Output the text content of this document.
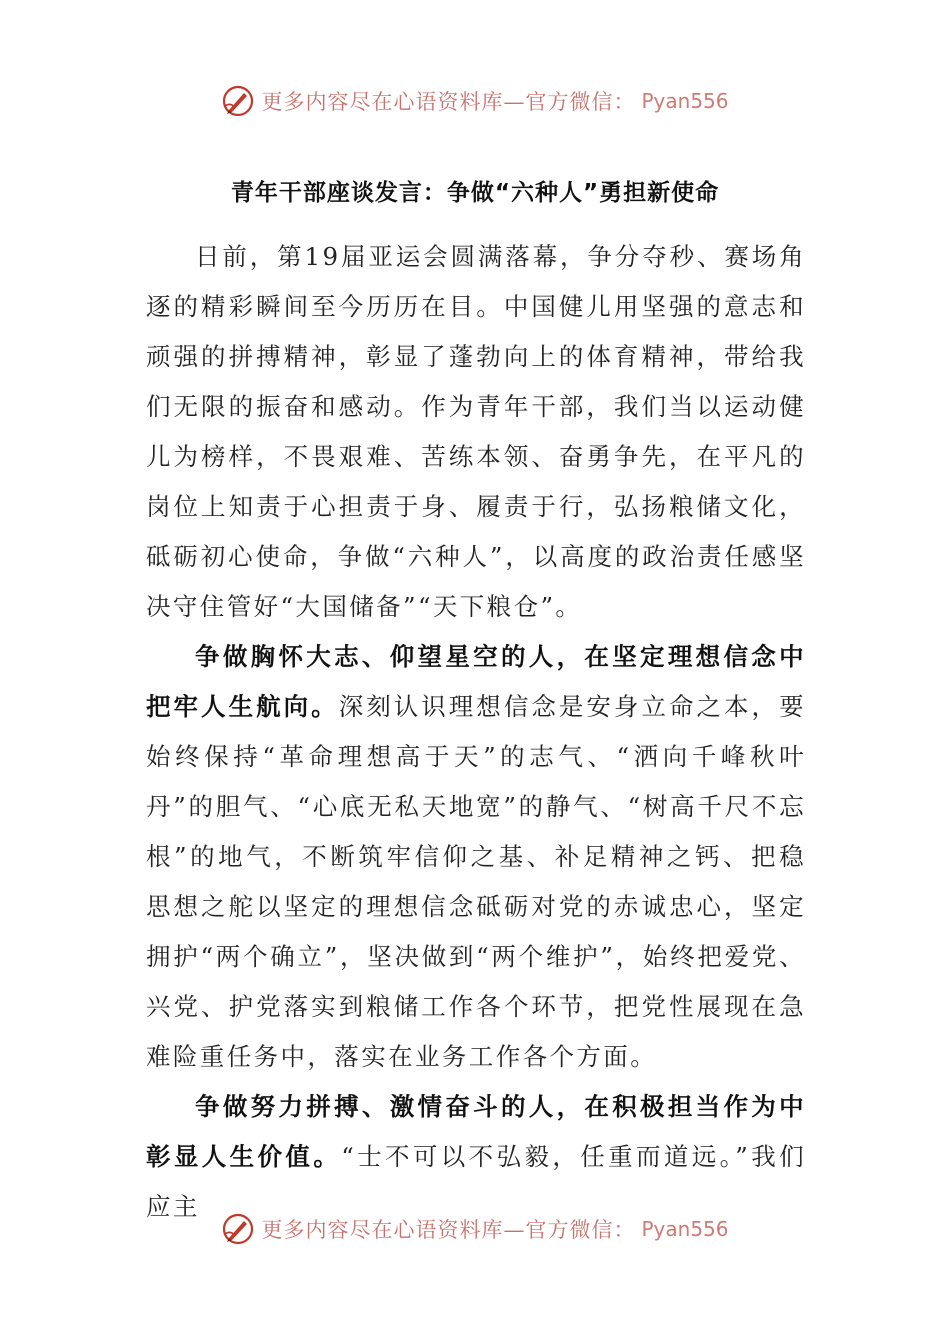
更多内容尽在心语资料库—官方微信： Pyan556
青年干部座谈发言：争做“六种人”勇担新使命

日前，第19届亚运会圆满落幕，争分夺秒、赛场角逐的精彩瞬间至今历历在目。中国健儿用坚强的意志和顽强的拼搏精神，彰显了蓬勃向上的体育精神，带给我们无限的振奋和感动。作为青年干部，我们当以运动健儿为榜样，不畏艰难、苦练本领、奋勇争先，在平凡的岗位上知责于心担责于身、履责于行，弘扬粮储文化，砥砺初心使命，争做“六种人”，以高度的政治责任感坚决守住管好“大国储备”“天下粮仓”。

争做胸怀大志、仰望星空的人，在坚定理想信念中把牢人生航向。深刻认识理想信念是安身立命之本，要始终保持“革命理想高于天”的志气、“洒向千峰秋叶丹”的胆气、“心底无私天地宽”的静气、“树高千尺不忘根”的地气，不断筑牢信仰之基、补足精神之钙、把稳思想之舵以坚定的理想信念砥砺对党的赤诚忠心，坚定拥护“两个确立”，坚决做到“两个维护”，始终把爱党、兴党、护党落实到粮储工作各个环节，把党性展现在急难险重任务中，落实在业务工作各个方面。

争做努力拼搏、激情奋斗的人，在积极担当作为中彰显人生价值。“士不可以不弘毅，任重而道远。”我们应主

更多内容尽在心语资料库—官方微信： Pyan556
